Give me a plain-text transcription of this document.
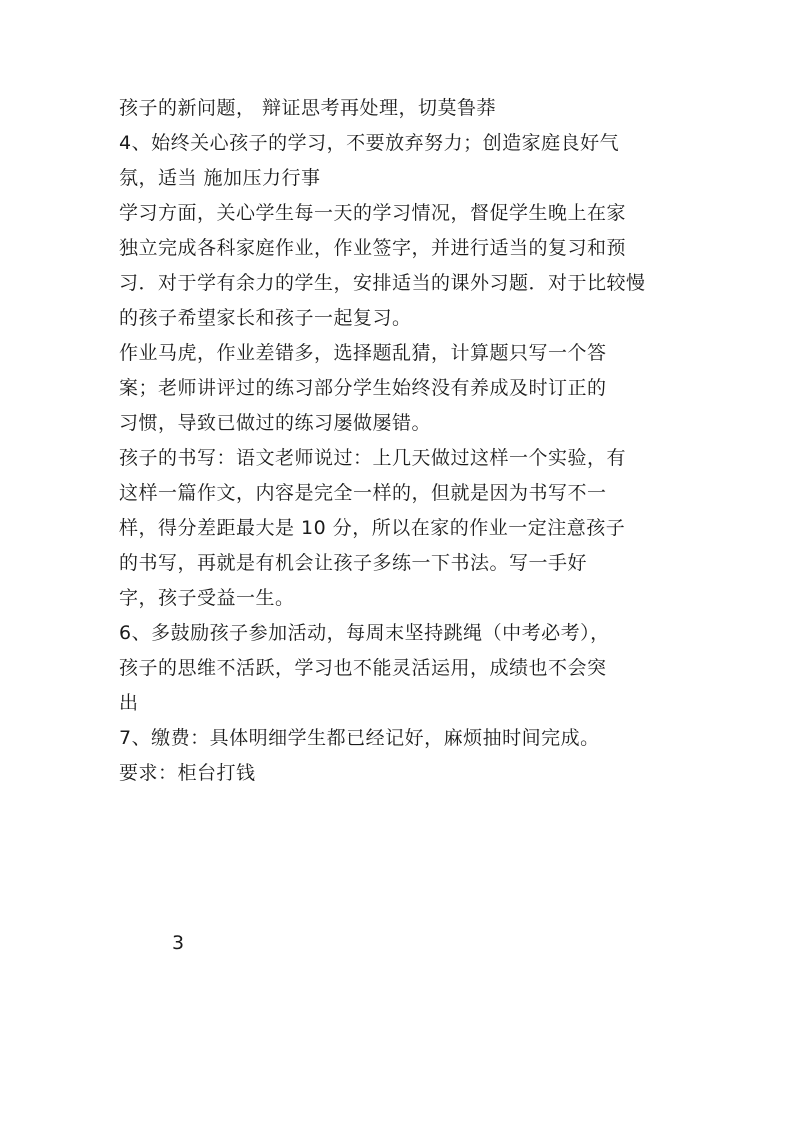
孩子的新问题， 辩证思考再处理，切莫鲁莽
4、始终关心孩子的学习，不要放弃努力；创造家庭良好气
氛，适当 施加压力行事
学习方面，关心学生每一天的学习情况，督促学生晚上在家
独立完成各科家庭作业，作业签字，并进行适当的复习和预
习．对于学有余力的学生，安排适当的课外习题．对于比较慢
的孩子希望家长和孩子一起复习。
作业马虎，作业差错多，选择题乱猜，计算题只写一个答
案；老师讲评过的练习部分学生始终没有养成及时订正的
习惯，导致已做过的练习屡做屡错。
孩子的书写：语文老师说过：上几天做过这样一个实验，有
这样一篇作文，内容是完全一样的，但就是因为书写不一
样，得分差距最大是 10 分，所以在家的作业一定注意孩子
的书写，再就是有机会让孩子多练一下书法。写一手好
字，孩子受益一生。
6、多鼓励孩子参加活动，每周末坚持跳绳（中考必考），
孩子的思维不活跃，学习也不能灵活运用，成绩也不会突
出
7、缴费：具体明细学生都已经记好，麻烦抽时间完成。
要求：柜台打钱
3
